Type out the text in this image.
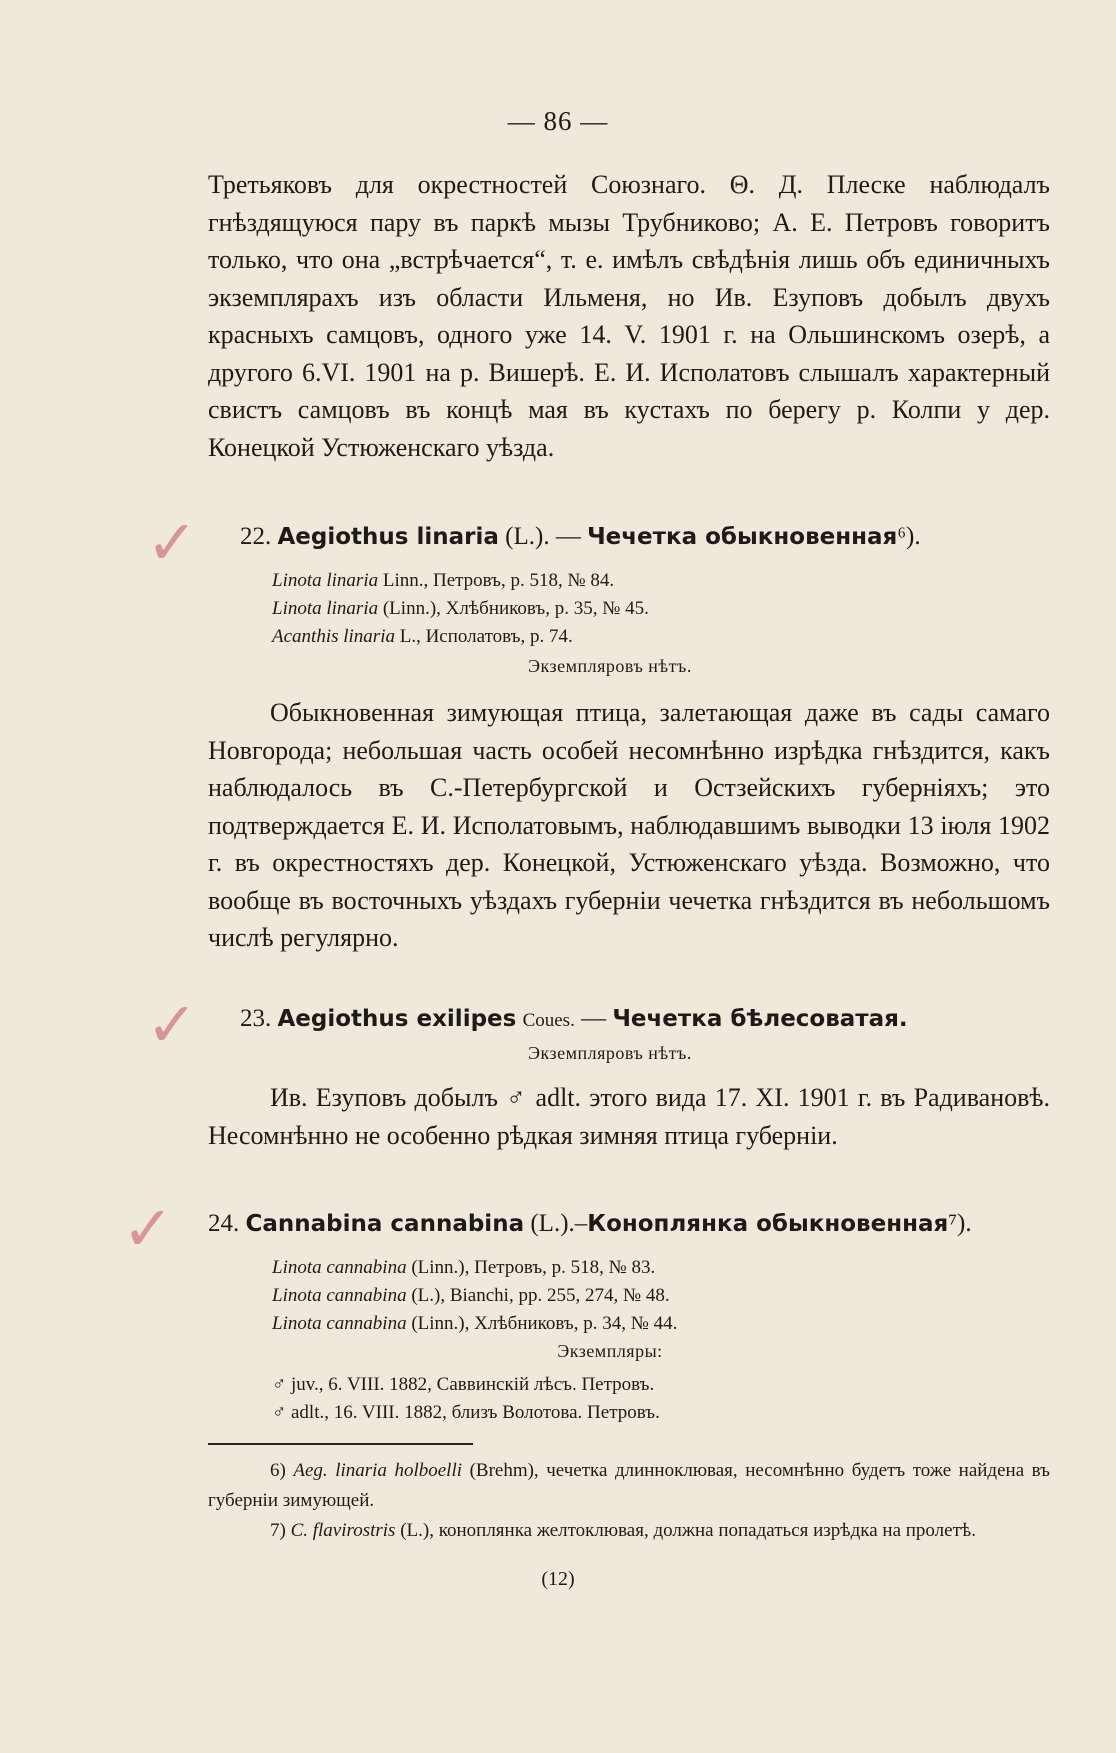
— 86 —
Третьяковъ для окрестностей Союзнаго. Θ. Д. Плеске наблюдалъ гнѣздящуюся пару въ паркѣ мызы Трубниково; А. Е. Петровъ говоритъ только, что она „встрѣчается“, т. е. имѣлъ свѣдѣнія лишь объ единичныхъ экземплярахъ изъ области Ильменя, но Ив. Езуповъ добылъ двухъ красныхъ самцовъ, одного уже 14. V. 1901 г. на Ольшинскомъ озерѣ, а другого 6.VI. 1901 на р. Вишерѣ. Е. И. Исполатовъ слышалъ характерный свистъ самцовъ въ концѣ мая въ кустахъ по берегу р. Колпи у дер. Конецкой Устюженскаго уѣзда.
✓ 22. Aegiothus linaria (L.). — Чечетка обыкновенная⁶).
Linota linaria Linn., Петровъ, p. 518, № 84.
Linota linaria (Linn.), Хлѣбниковъ, p. 35, № 45.
Acanthis linaria L., Исполатовъ, p. 74.
Экземпляровъ нѣтъ.
Обыкновенная зимующая птица, залетающая даже въ сады самаго Новгорода; небольшая часть особей несомнѣнно изрѣдка гнѣздится, какъ наблюдалось въ С.-Петербургской и Остзейскихъ губерніяхъ; это подтверждается Е. И. Исполатовымъ, наблюдавшимъ выводки 13 іюля 1902 г. въ окрестностяхъ дер. Конецкой, Устюженскаго уѣзда. Возможно, что вообще въ восточныхъ уѣздахъ губерніи чечетка гнѣздится въ небольшомъ числѣ регулярно.
✓ 23. Aegiothus exilipes Coues. — Чечетка бѣлесоватая.
Экземпляровъ нѣтъ.
Ив. Езуповъ добылъ ♂ adlt. этого вида 17. XI. 1901 г. въ Радивановѣ. Несомнѣнно не особенно рѣдкая зимняя птица губерніи.
✓ 24. Cannabina cannabina (L.).–Коноплянка обыкновенная⁷).
Linota cannabina (Linn.), Петровъ, p. 518, № 83.
Linota cannabina (L.), Bianchi, pp. 255, 274, № 48.
Linota cannabina (Linn.), Хлѣбниковъ, p. 34, № 44.
Экземпляры:
♂ juv., 6. VIII. 1882, Саввинскій лѣсъ. Петровъ.
♂ adlt., 16. VIII. 1882, близъ Волотова. Петровъ.
6) Aeg. linaria holboelli (Brehm), чечетка длинноклювая, несомнѣнно будетъ тоже найдена въ губерніи зимующей.
7) C. flavirostris (L.), коноплянка желтоклювая, должна попадаться изрѣдка на пролетѣ.
(12)
